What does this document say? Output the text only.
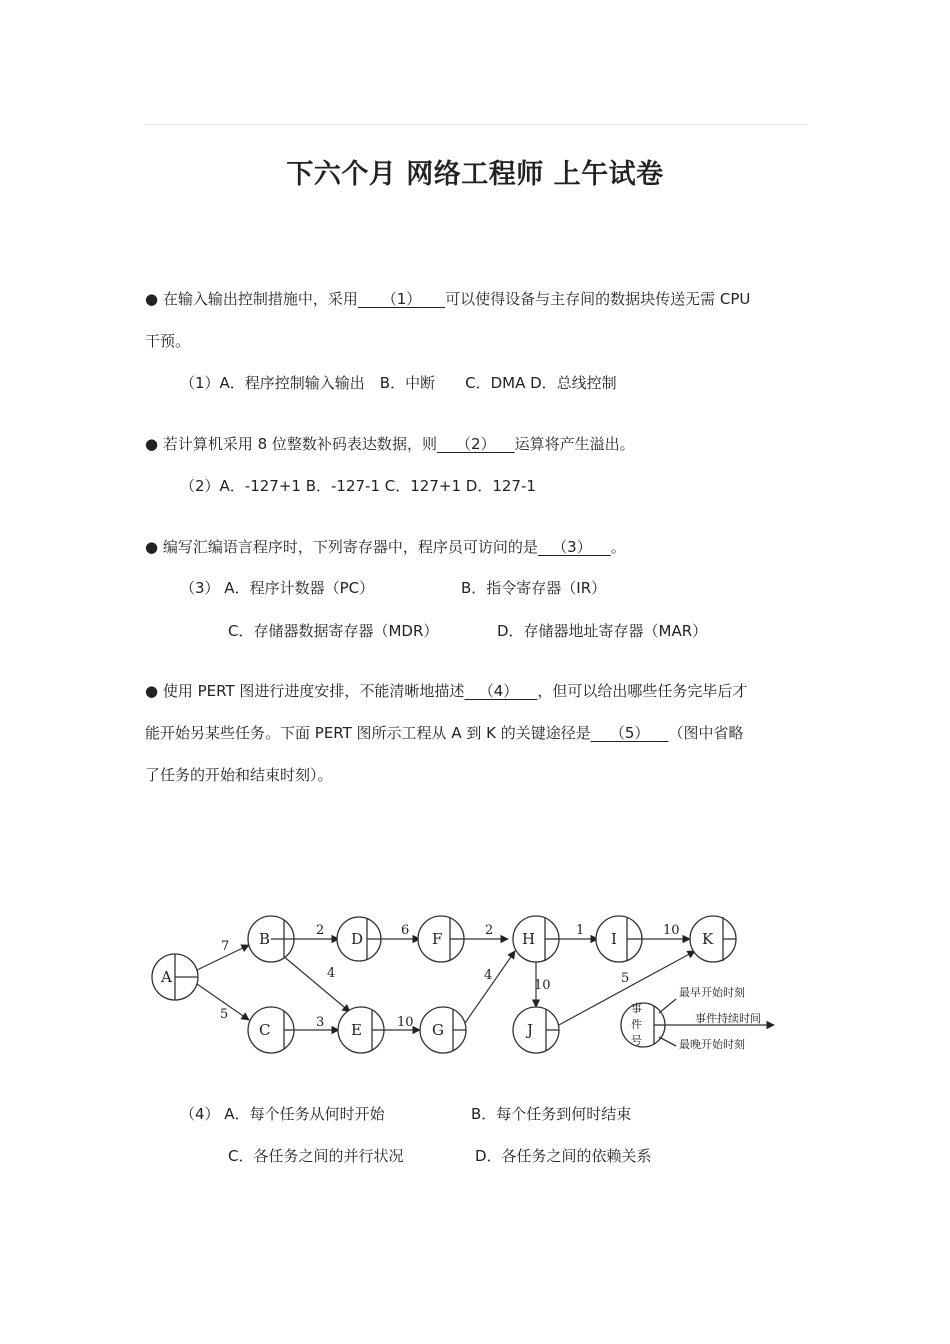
下六个月 网络工程师 上午试卷
● 在输入输出控制措施中，采用 （1） 可以使得设备与主存间的数据块传送无需 CPU
干预。
（1）A．程序控制输入输出　B．中断　　C．DMA D．总线控制
● 若计算机采用 8 位整数补码表达数据，则 （2） 运算将产生溢出。
（2）A．-127+1 B．-127-1 C．127+1 D．127-1
● 编写汇编语言程序时，下列寄存器中，程序员可访问的是 （3） 。
（3） A．程序计数器（PC）	B．指令寄存器（IR）
C．存储器数据寄存器（MDR）	D．存储器地址寄存器（MAR）
● 使用 PERT 图进行进度安排，不能清晰地描述 （4） ，但可以给出哪些任务完毕后才
能开始另某些任务。下面 PERT 图所示工程从 A 到 K 的关键途径是 （5） （图中省略
了任务的开始和结束时刻）。
7
5
2
4
3
6
10
2
4
1
10
10
5
A
B
C
D
E
F
G
H	I
J
K
事
件
号
最早开始时刻
事件持续时间
最晚开始时刻
（4） A．每个任务从何时开始	B．每个任务到何时结束
C．各任务之间的并行状况	D．各任务之间的依赖关系
